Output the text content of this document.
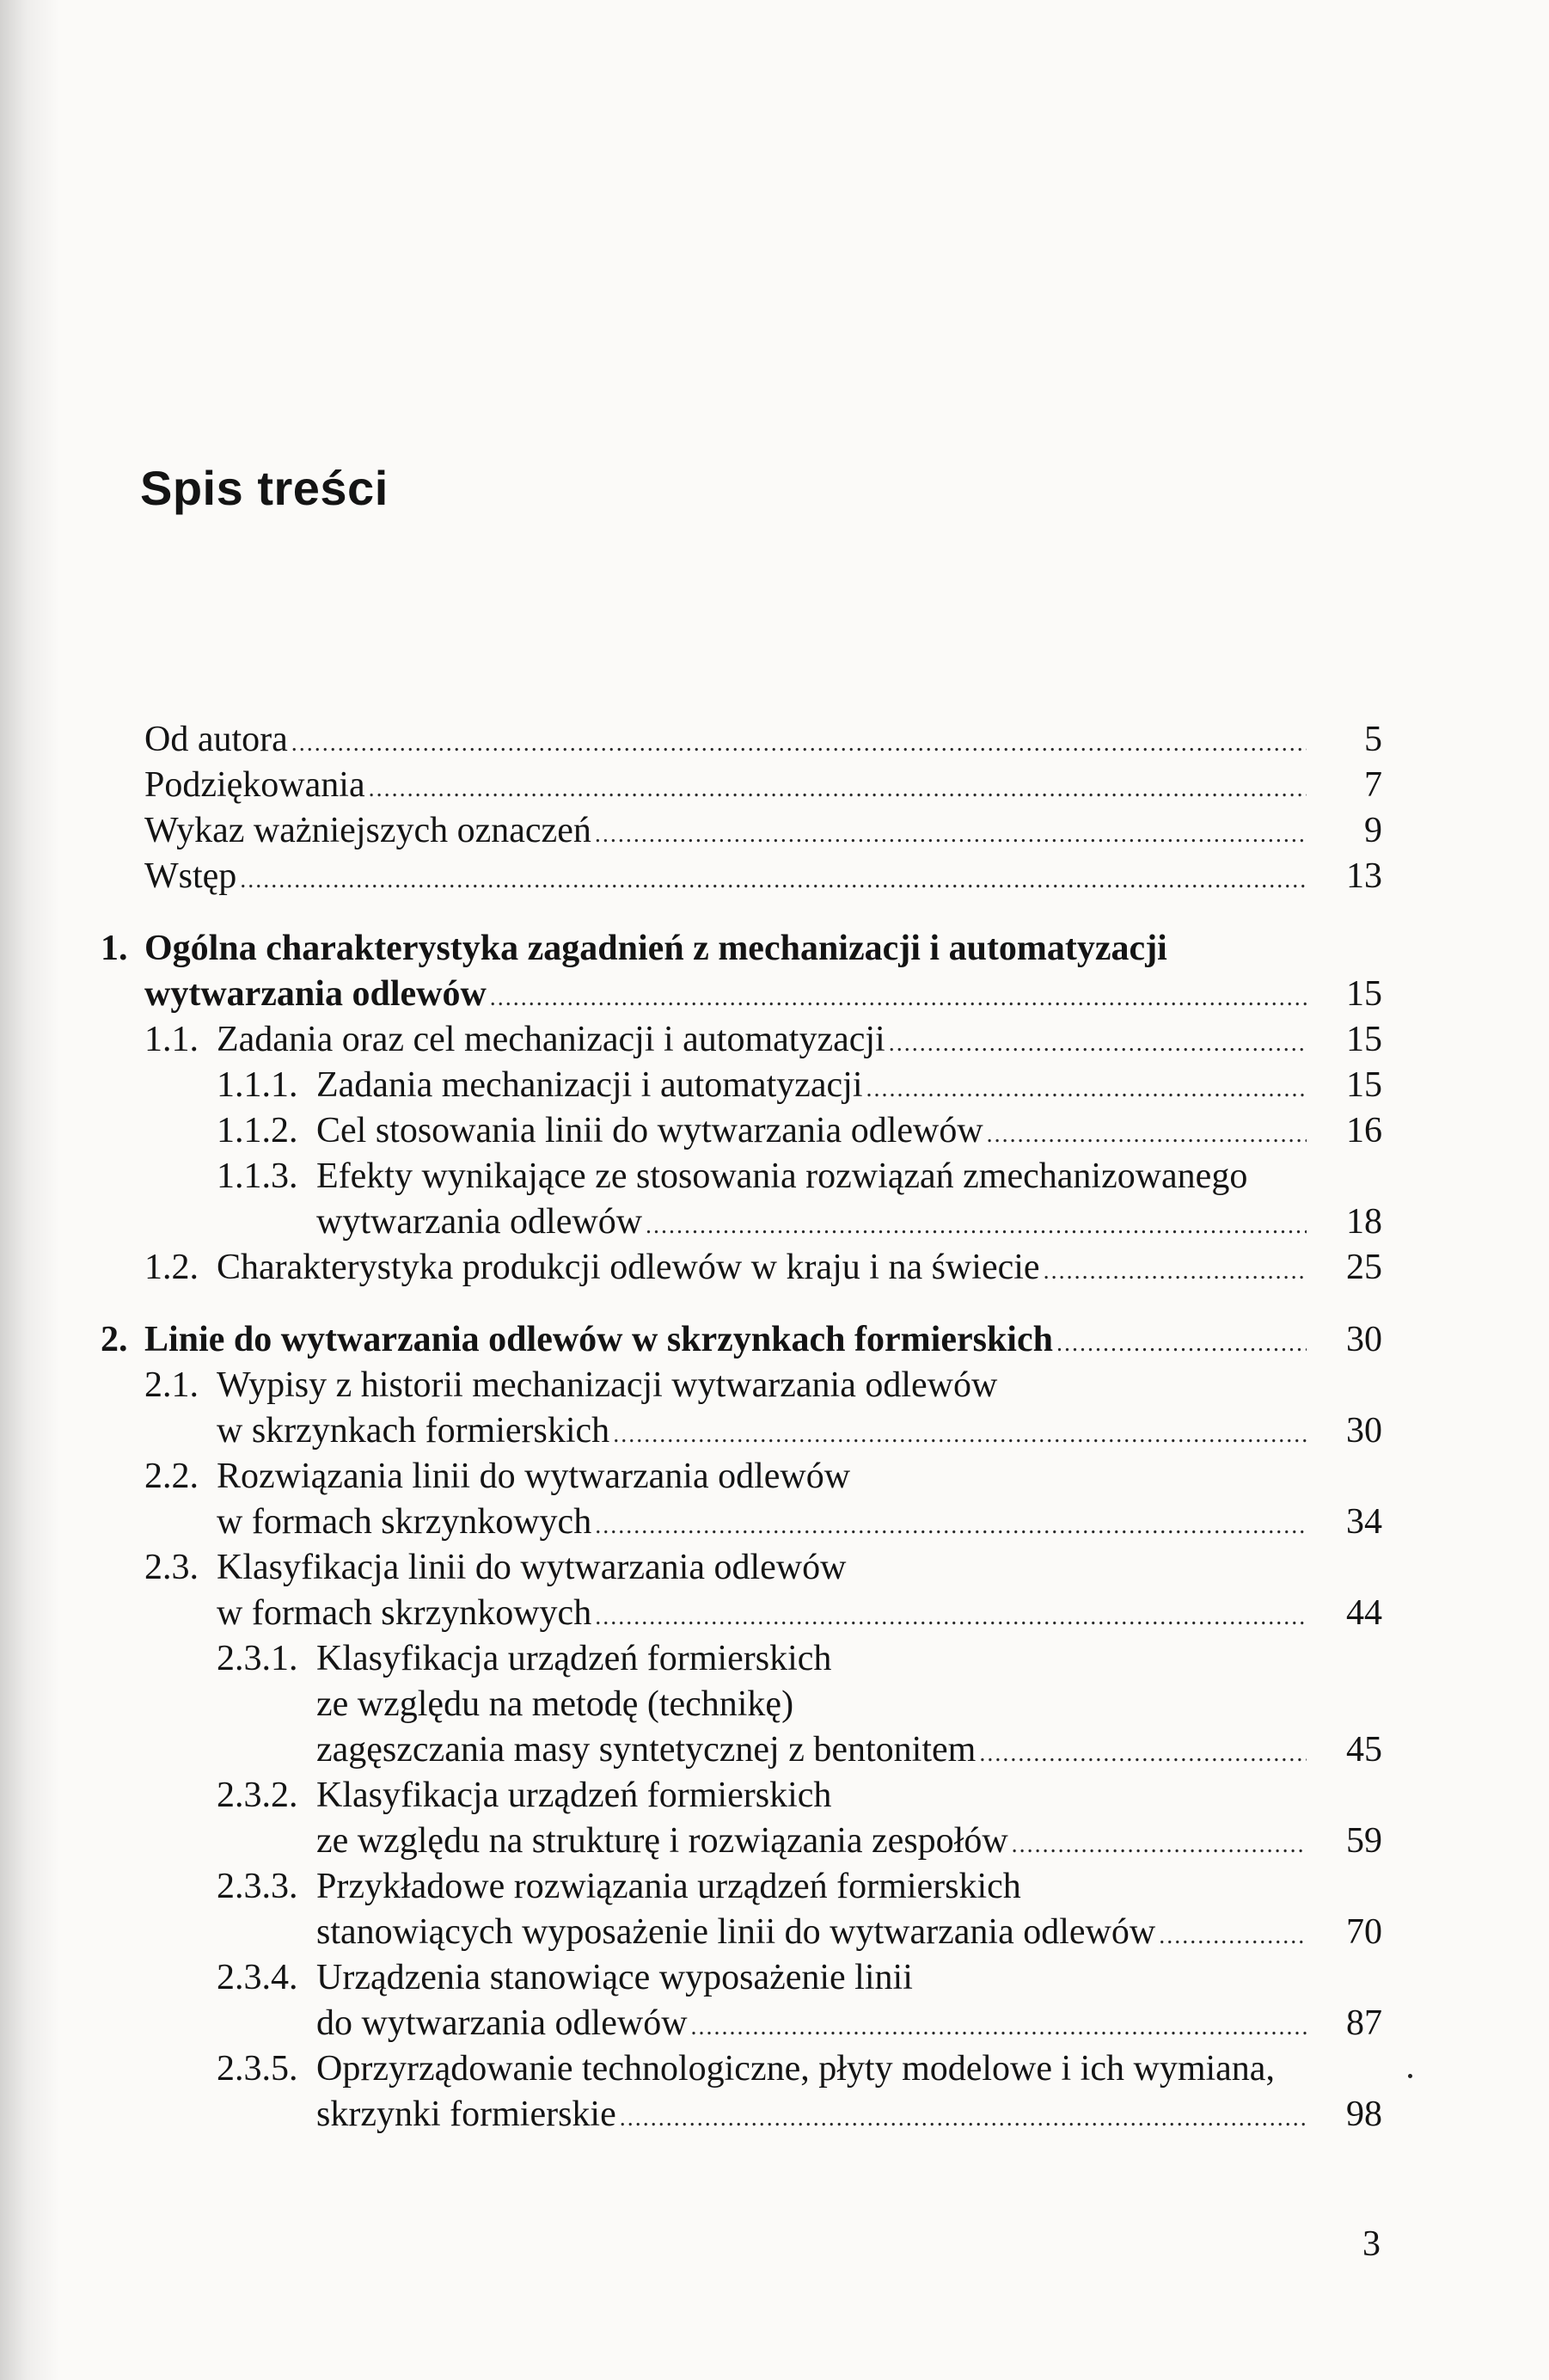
Spis treści
Od autora .....	5
Podziękowania .....	7
Wykaz ważniejszych oznaczeń .....	9
Wstęp .....	13
1. Ogólna charakterystyka zagadnień z mechanizacji i automatyzacji
wytwarzania odlewów .....	15
1.1. Zadania oraz cel mechanizacji i automatyzacji .....	15
1.1.1. Zadania mechanizacji i automatyzacji .....	15
1.1.2. Cel stosowania linii do wytwarzania odlewów .....	16
1.1.3. Efekty wynikające ze stosowania rozwiązań zmechanizowanego
wytwarzania odlewów .....	18
1.2. Charakterystyka produkcji odlewów w kraju i na świecie .....	25
2. Linie do wytwarzania odlewów w skrzynkach formierskich .....	30
2.1. Wypisy z historii mechanizacji wytwarzania odlewów
w skrzynkach formierskich .....	30
2.2. Rozwiązania linii do wytwarzania odlewów
w formach skrzynkowych .....	34
2.3. Klasyfikacja linii do wytwarzania odlewów
w formach skrzynkowych .....	44
2.3.1. Klasyfikacja urządzeń formierskich
ze względu na metodę (technikę)
zagęszczania masy syntetycznej z bentonitem .....	45
2.3.2. Klasyfikacja urządzeń formierskich
ze względu na strukturę i rozwiązania zespołów .....	59
2.3.3. Przykładowe rozwiązania urządzeń formierskich
stanowiących wyposażenie linii do wytwarzania odlewów .....	70
2.3.4. Urządzenia stanowiące wyposażenie linii
do wytwarzania odlewów .....	87
2.3.5. Oprzyrządowanie technologiczne, płyty modelowe i ich wymiana,
skrzynki formierskie .....	98
3
